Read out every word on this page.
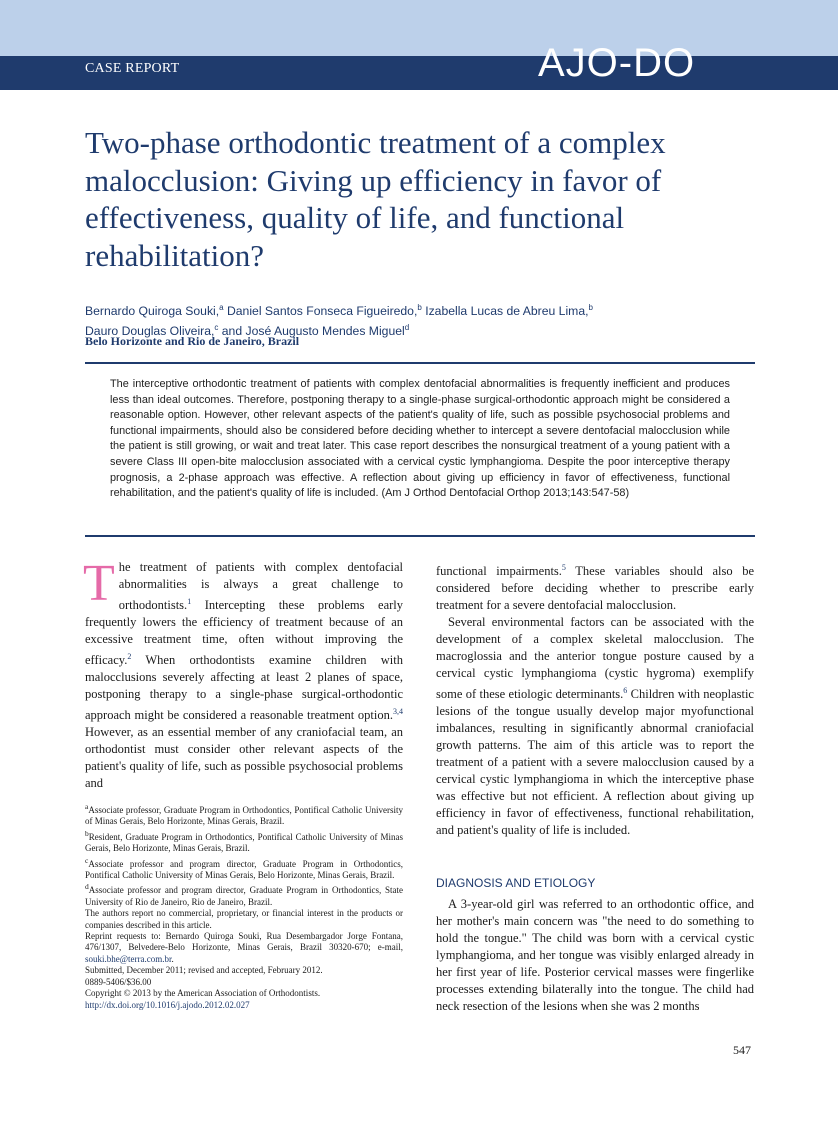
CASE REPORT	AJO-DO
Two-phase orthodontic treatment of a complex malocclusion: Giving up efficiency in favor of effectiveness, quality of life, and functional rehabilitation?
Bernardo Quiroga Souki,$^a$ Daniel Santos Fonseca Figueiredo,$^b$ Izabella Lucas de Abreu Lima,$^b$
Dauro Douglas Oliveira,$^c$ and José Augusto Mendes Miguel$^d$
Belo Horizonte and Rio de Janeiro, Brazil
The interceptive orthodontic treatment of patients with complex dentofacial abnormalities is frequently inefficient and produces less than ideal outcomes. Therefore, postponing therapy to a single-phase surgical-orthodontic approach might be considered a reasonable option. However, other relevant aspects of the patient's quality of life, such as possible psychosocial problems and functional impairments, should also be considered before deciding whether to intercept a severe dentofacial malocclusion while the patient is still growing, or wait and treat later. This case report describes the nonsurgical treatment of a young patient with a severe Class III open-bite malocclusion associated with a cervical cystic lymphangioma. Despite the poor interceptive therapy prognosis, a 2-phase approach was effective. A reflection about giving up efficiency in favor of effectiveness, functional rehabilitation, and the patient's quality of life is included. (Am J Orthod Dentofacial Orthop 2013;143:547-58)

The treatment of patients with complex dentofacial abnormalities is always a great challenge to orthodontists.$^1$ Intercepting these problems early frequently lowers the efficiency of treatment because of an excessive treatment time, often without improving the efficacy.$^2$ When orthodontists examine children with malocclusions severely affecting at least 2 planes of space, postponing therapy to a single-phase surgical-orthodontic approach might be considered a reasonable treatment option.$^{3,4}$ However, as an essential member of any craniofacial team, an orthodontist must consider other relevant aspects of the patient's quality of life, such as possible psychosocial problems and

$^a$Associate professor, Graduate Program in Orthodontics, Pontifical Catholic University of Minas Gerais, Belo Horizonte, Minas Gerais, Brazil.

$^b$Resident, Graduate Program in Orthodontics, Pontifical Catholic University of Minas Gerais, Belo Horizonte, Minas Gerais, Brazil.

$^c$Associate professor and program director, Graduate Program in Orthodontics, Pontifical Catholic University of Minas Gerais, Belo Horizonte, Minas Gerais, Brazil.

$^d$Associate professor and program director, Graduate Program in Orthodontics, State University of Rio de Janeiro, Rio de Janeiro, Brazil.

The authors report no commercial, proprietary, or financial interest in the products or companies described in this article.

Reprint requests to: Bernardo Quiroga Souki, Rua Desembargador Jorge Fontana, 476/1307, Belvedere-Belo Horizonte, Minas Gerais, Brazil 30320-670; e-mail, souki.bhe@terra.com.br.

Submitted, December 2011; revised and accepted, February 2012.

0889-5406/$36.00

Copyright © 2013 by the American Association of Orthodontists.

http://dx.doi.org/10.1016/j.ajodo.2012.02.027

functional impairments.$^5$ These variables should also be considered before deciding whether to prescribe early treatment for a severe dentofacial malocclusion.

Several environmental factors can be associated with the development of a complex skeletal malocclusion. The macroglossia and the anterior tongue posture caused by a cervical cystic lymphangioma (cystic hygroma) exemplify some of these etiologic determinants.$^6$ Children with neoplastic lesions of the tongue usually develop major myofunctional imbalances, resulting in significantly abnormal craniofacial growth patterns. The aim of this article was to report the treatment of a patient with a severe malocclusion caused by a cervical cystic lymphangioma in which the interceptive phase was effective but not efficient. A reflection about giving up efficiency in favor of effectiveness, functional rehabilitation, and patient's quality of life is included.

DIAGNOSIS AND ETIOLOGY

A 3-year-old girl was referred to an orthodontic office, and her mother's main concern was "the need to do something to hold the tongue." The child was born with a cervical cystic lymphangioma, and her tongue was visibly enlarged already in her first year of life. Posterior cervical masses were fingerlike processes extending bilaterally into the tongue. The child had neck resection of the lesions when she was 2 months

547
